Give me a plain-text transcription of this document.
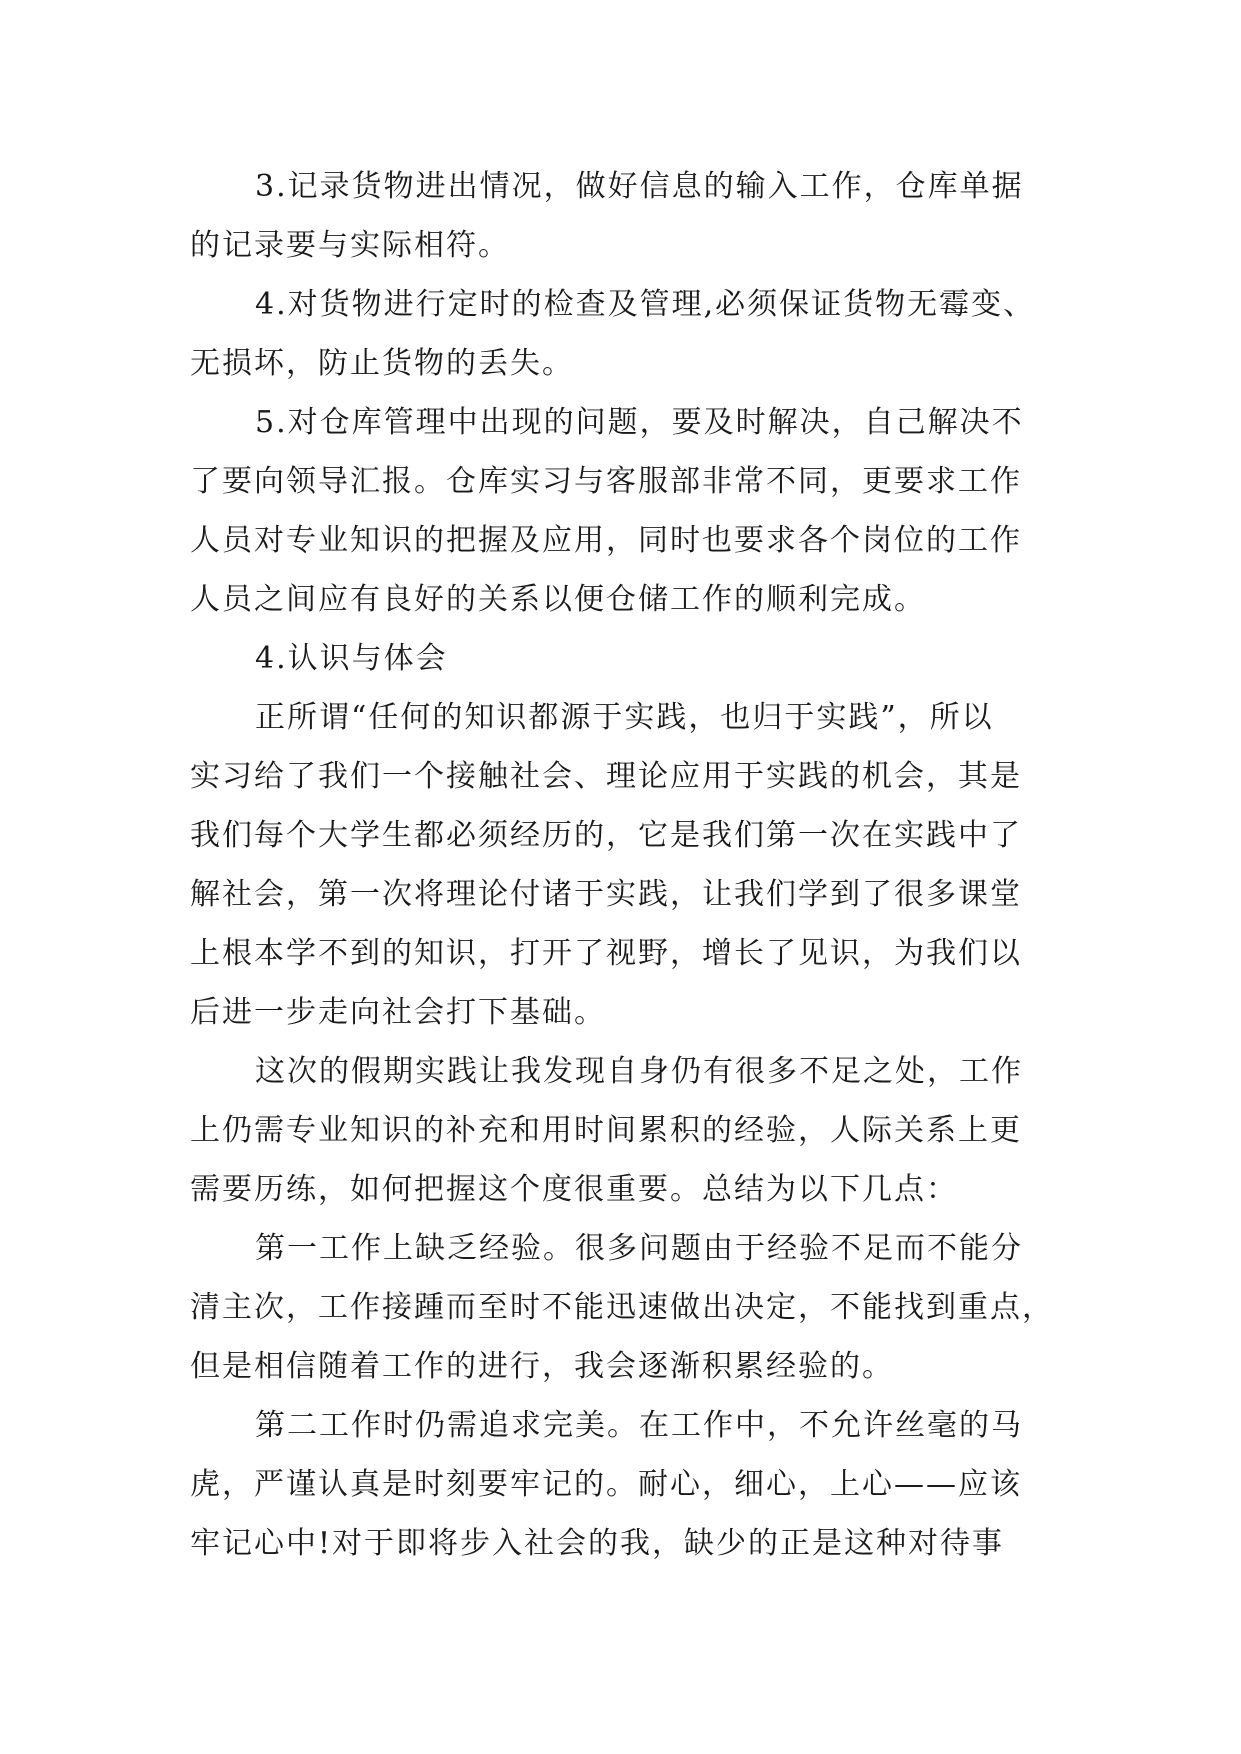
3.记录货物进出情况，做好信息的输入工作，仓库单据
的记录要与实际相符。
4.对货物进行定时的检查及管理,必须保证货物无霉变、
无损坏，防止货物的丢失。
5.对仓库管理中出现的问题，要及时解决，自己解决不
了要向领导汇报。仓库实习与客服部非常不同，更要求工作
人员对专业知识的把握及应用，同时也要求各个岗位的工作
人员之间应有良好的关系以便仓储工作的顺利完成。
4.认识与体会
正所谓“任何的知识都源于实践，也归于实践”，所以
实习给了我们一个接触社会、理论应用于实践的机会，其是
我们每个大学生都必须经历的，它是我们第一次在实践中了
解社会，第一次将理论付诸于实践，让我们学到了很多课堂
上根本学不到的知识，打开了视野，增长了见识，为我们以
后进一步走向社会打下基础。
这次的假期实践让我发现自身仍有很多不足之处，工作
上仍需专业知识的补充和用时间累积的经验，人际关系上更
需要历练，如何把握这个度很重要。总结为以下几点：
第一工作上缺乏经验。很多问题由于经验不足而不能分
清主次，工作接踵而至时不能迅速做出决定，不能找到重点，
但是相信随着工作的进行，我会逐渐积累经验的。
第二工作时仍需追求完美。在工作中，不允许丝毫的马
虎，严谨认真是时刻要牢记的。耐心，细心，上心——应该
牢记心中!对于即将步入社会的我，缺少的正是这种对待事
